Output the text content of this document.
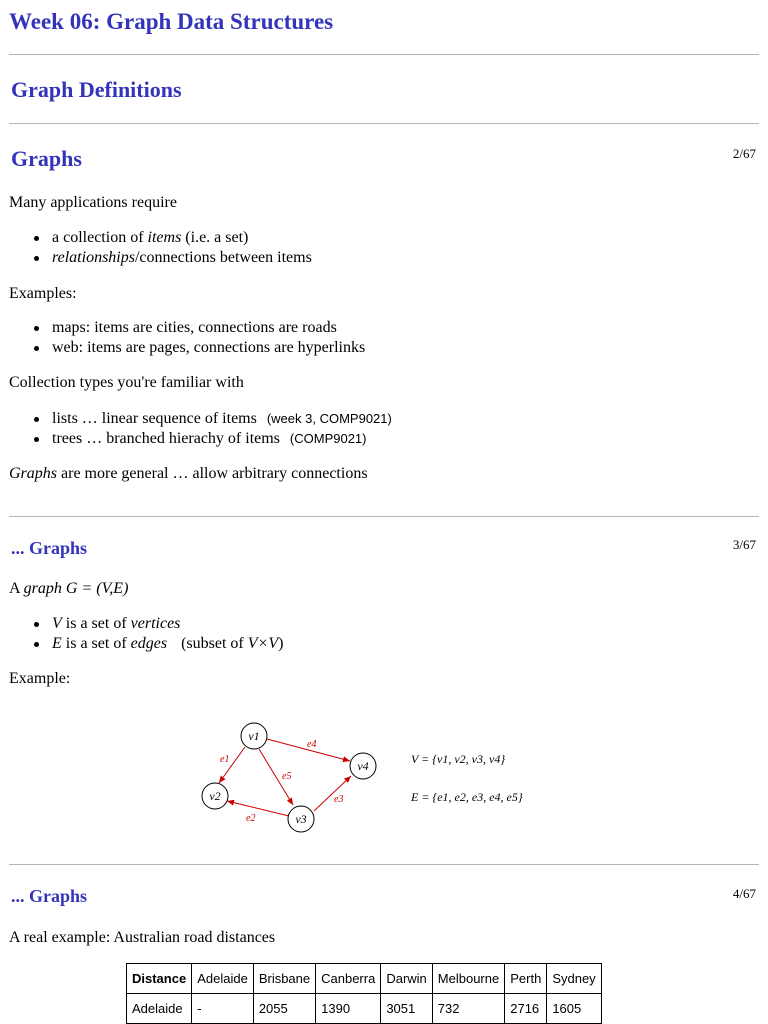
Week 06: Graph Data Structures
Graph Definitions
Graphs	2/67
Many applications require
a collection of items (i.e. a set)
relationships/connections between items
Examples:
maps: items are cities, connections are roads
web: items are pages, connections are hyperlinks
Collection types you're familiar with
lists … linear sequence of items (week 3, COMP9021)
trees … branched hierachy of items (COMP9021)
Graphs are more general … allow arbitrary connections
... Graphs	3/67
A graph G = (V,E)
V is a set of vertices
E is a set of edges (subset of V×V)
Example:
e1
e2
e3
e4
e5
v1
v2
v3
v4	V = {v1, v2, v3, v4}
E = {e1, e2, e3, e4, e5}
... Graphs	4/67
A real example: Australian road distances
Distance	Adelaide	Brisbane	Canberra	Darwin	Melbourne	Perth	Sydney
Adelaide	-	2055	1390	3051	732	2716	1605
